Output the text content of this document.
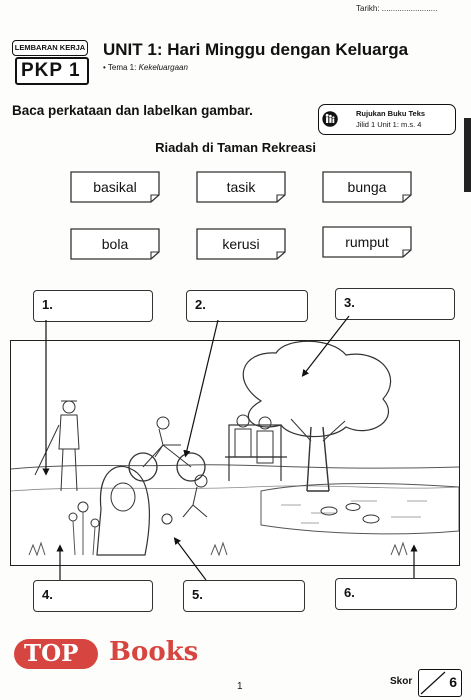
Tarikh: .........................
LEMBARAN KERJA
PKP 1
UNIT 1: Hari Minggu dengan Keluarga
• Tema 1: Kekeluargaan
Baca perkataan dan labelkan gambar.	Rujukan Buku Teks
Jilid 1 Unit 1: m.s. 4
Riadah di Taman Rekreasi
basikal	tasik	bunga
bola	kerusi	rumput
1.	2.	3.
4.	5.	6.
TOP Books
1	Skor	6
